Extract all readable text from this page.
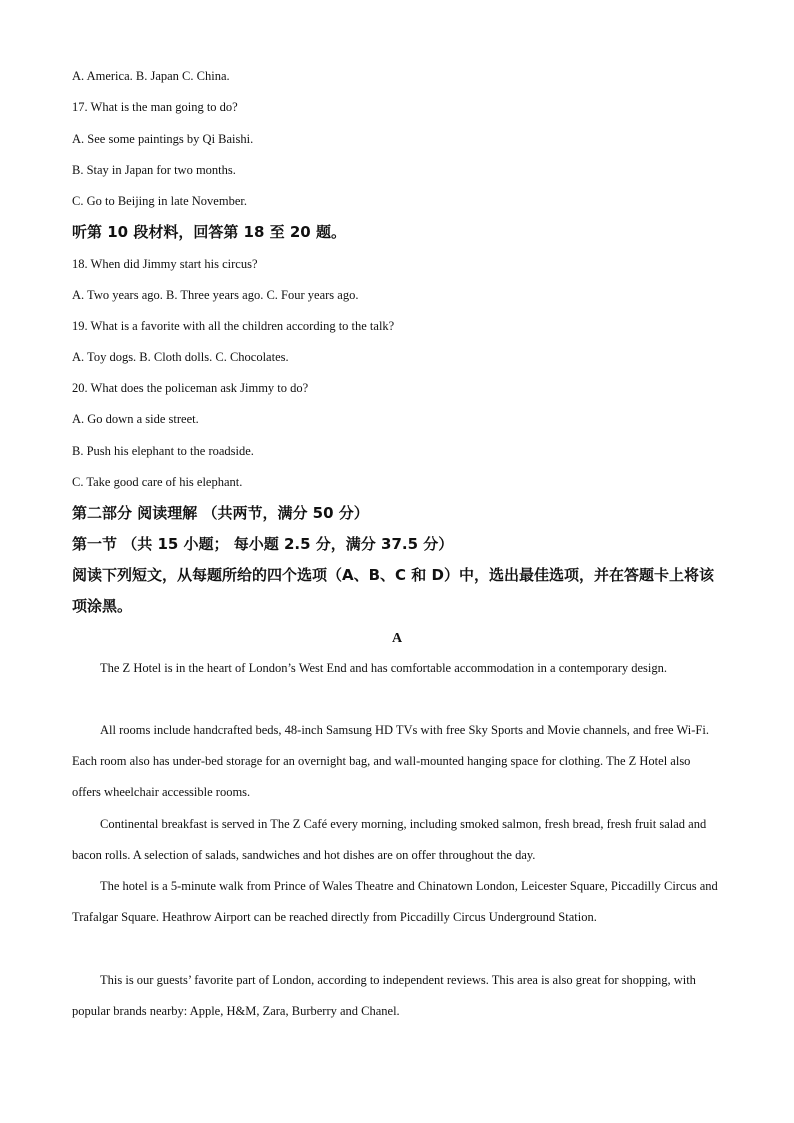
A. America. B. Japan C. China.
17. What is the man going to do?
A. See some paintings by Qi Baishi.
B. Stay in Japan for two months.
C. Go to Beijing in late November.
听第 10 段材料，回答第 18 至 20 题。
18. When did Jimmy start his circus?
A. Two years ago. B. Three years ago. C. Four years ago.
19. What is a favorite with all the children according to the talk?
A. Toy dogs. B. Cloth dolls. C. Chocolates.
20. What does the policeman ask Jimmy to do?
A. Go down a side street.
B. Push his elephant to the roadside.
C. Take good care of his elephant.
第二部分 阅读理解 （共两节，满分 50 分）
第一节 （共 15 小题； 每小题 2.5 分，满分 37.5 分）
阅读下列短文，从每题所给的四个选项（A、B、C 和 D）中，选出最佳选项，并在答题卡上将该项涂黑。
A
The Z Hotel is in the heart of London’s West End and has comfortable accommodation in a contemporary design.
All rooms include handcrafted beds, 48-inch Samsung HD TVs with free Sky Sports and Movie channels, and free Wi-Fi. Each room also has under-bed storage for an overnight bag, and wall-mounted hanging space for clothing. The Z Hotel also offers wheelchair accessible rooms.
Continental breakfast is served in The Z Café every morning, including smoked salmon, fresh bread, fresh fruit salad and bacon rolls. A selection of salads, sandwiches and hot dishes are on offer throughout the day.
The hotel is a 5-minute walk from Prince of Wales Theatre and Chinatown London, Leicester Square, Piccadilly Circus and Trafalgar Square. Heathrow Airport can be reached directly from Piccadilly Circus Underground Station.
This is our guests’ favorite part of London, according to independent reviews. This area is also great for shopping, with popular brands nearby: Apple, H&M, Zara, Burberry and Chanel.
